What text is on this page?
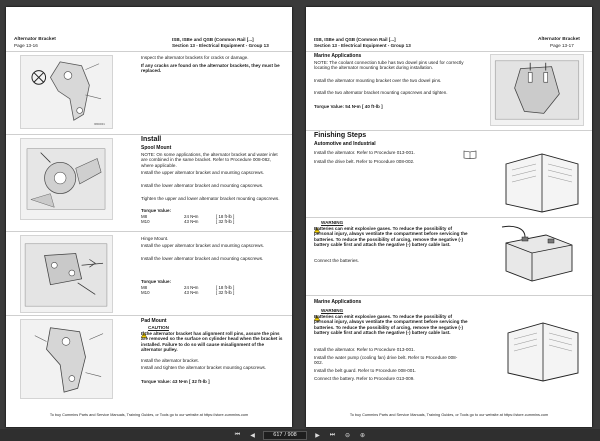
Alternator Bracket
Page 13-16
ISB, ISBe and QSB (Common Rail [...]
Section 13 - Electrical Equipment - Group 13
f4800091
Inspect the alternator brackets for cracks or damage.
If any cracks are found on the alternator brackets, they must be replaced.
Install
Spool Mount
NOTE: On some applications, the alternator bracket and water inlet are combined in the same bracket. Refer to Procedure 008-082, where applicable.
Install the upper alternator bracket and mounting capscrews.
Install the lower alternator bracket and mounting capscrews.
Tighten the upper and lower alternator bracket mounting capscrews.
Torque Value:
M8	24 N•m	[ 18 ft-lb ]
M10	43 N•m	[ 32 ft-lb ]
Hinge Mount.
Install the upper alternator bracket and mounting capscrews.
Install the lower alternator bracket and mounting capscrews.
Torque Value:
M8	24 N•m	[ 18 ft-lb ]
M10	43 N•m	[ 32 ft-lb ]
Pad Mount
CAUTION
If the alternator bracket has alignment roll pins, assure the pins are removed so the surface on cylinder head when the bracket is installed. Failure to do so will cause misalignment of the alternator pulley.
Install the alternator bracket.
Install and tighten the alternator bracket mounting capscrews.
Torque Value: 43 N•m [ 32 ft-lb ]
To buy Cummins Parts and Service Manuals, Training Guides, or Tools go to our website at https://store.cummins.com
ISB, ISBe and QSB (Common Rail [...]
Section 13 - Electrical Equipment - Group 13
Alternator Bracket
Page 13-17
Marine Applications
NOTE: The coolant connection tube has two dowel pins used for correctly locating the alternator mounting bracket during installation.
Install the alternator mounting bracket over the two dowel pins.
Install the two alternator bracket mounting capscrews and tighten.
Torque Value: 54 N•m [ 40 ft-lb ]
Finishing Steps
Automotive and Industrial
Install the alternator. Refer to Procedure 013-001.
Install the drive belt. Refer to Procedure 008-002.
WARNING
Batteries can emit explosive gases. To reduce the possibility of personal injury, always ventilate the compartment before servicing the batteries. To reduce the possibility of arcing, remove the negative (-) battery cable first and attach the negative (-) battery cable last.
Connect the batteries.
Marine Applications
WARNING
Batteries can emit explosive gases. To reduce the possibility of personal injury, always ventilate the compartment before servicing the batteries. To reduce the possibility of arcing, remove the negative (-) battery cable first and attach the negative (-) battery cable last.
Install the alternator. Refer to Procedure 013-001.
Install the water pump (cooling fan) drive belt. Refer to Procedure 008-002.
Install the belt guard. Refer to Procedure 008-001.
Connect the battery. Refer to Procedure 013-009.
To buy Cummins Parts and Service Manuals, Training Guides, or Tools go to our website at https://store.cummins.com
⏮	◀	617 / 908	▶	⏭	⊖	⊕
